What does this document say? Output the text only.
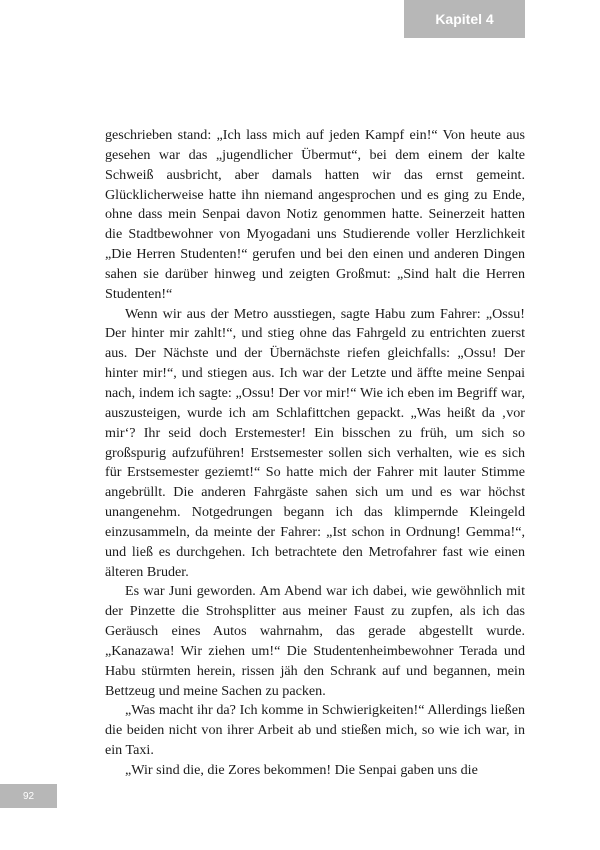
Kapitel 4

geschrieben stand: „Ich lass mich auf jeden Kampf ein!“ Von heute aus gesehen war das „jugendlicher Übermut“, bei dem einem der kalte Schweiß ausbricht, aber damals hatten wir das ernst gemeint. Glücklicherweise hatte ihn niemand angesprochen und es ging zu Ende, ohne dass mein Senpai davon Notiz genommen hatte. Seinerzeit hatten die Stadtbewohner von Myogadani uns Studierende voller Herzlichkeit „Die Herren Studenten!“ gerufen und bei den einen und anderen Dingen sahen sie darüber hinweg und zeigten Großmut: „Sind halt die Herren Studenten!“

Wenn wir aus der Metro ausstiegen, sagte Habu zum Fahrer: „Ossu! Der hinter mir zahlt!“, und stieg ohne das Fahrgeld zu entrichten zuerst aus. Der Nächste und der Übernächste riefen gleichfalls: „Ossu! Der hinter mir!“, und stiegen aus. Ich war der Letzte und äffte meine Senpai nach, indem ich sagte: „Ossu! Der vor mir!“ Wie ich eben im Begriff war, auszusteigen, wurde ich am Schlafittchen gepackt. „Was heißt da ‚vor mir‘? Ihr seid doch Erstemester! Ein bisschen zu früh, um sich so großspurig aufzuführen! Erstsemester sollen sich verhalten, wie es sich für Erstsemester geziemt!“ So hatte mich der Fahrer mit lauter Stimme angebrüllt. Die anderen Fahrgäste sahen sich um und es war höchst unangenehm. Notgedrungen begann ich das klimpernde Kleingeld einzusammeln, da meinte der Fahrer: „Ist schon in Ordnung! Gemma!“, und ließ es durchgehen. Ich betrachtete den Metrofahrer fast wie einen älteren Bruder.

Es war Juni geworden. Am Abend war ich dabei, wie gewöhnlich mit der Pinzette die Strohsplitter aus meiner Faust zu zupfen, als ich das Geräusch eines Autos wahrnahm, das gerade abgestellt wurde. „Kanazawa! Wir ziehen um!“ Die Studentenheimbewohner Terada und Habu stürmten herein, rissen jäh den Schrank auf und begannen, mein Bettzeug und meine Sachen zu packen.

„Was macht ihr da? Ich komme in Schwierigkeiten!“ Allerdings ließen die beiden nicht von ihrer Arbeit ab und stießen mich, so wie ich war, in ein Taxi.

„Wir sind die, die Zores bekommen! Die Senpai gaben uns die

92
